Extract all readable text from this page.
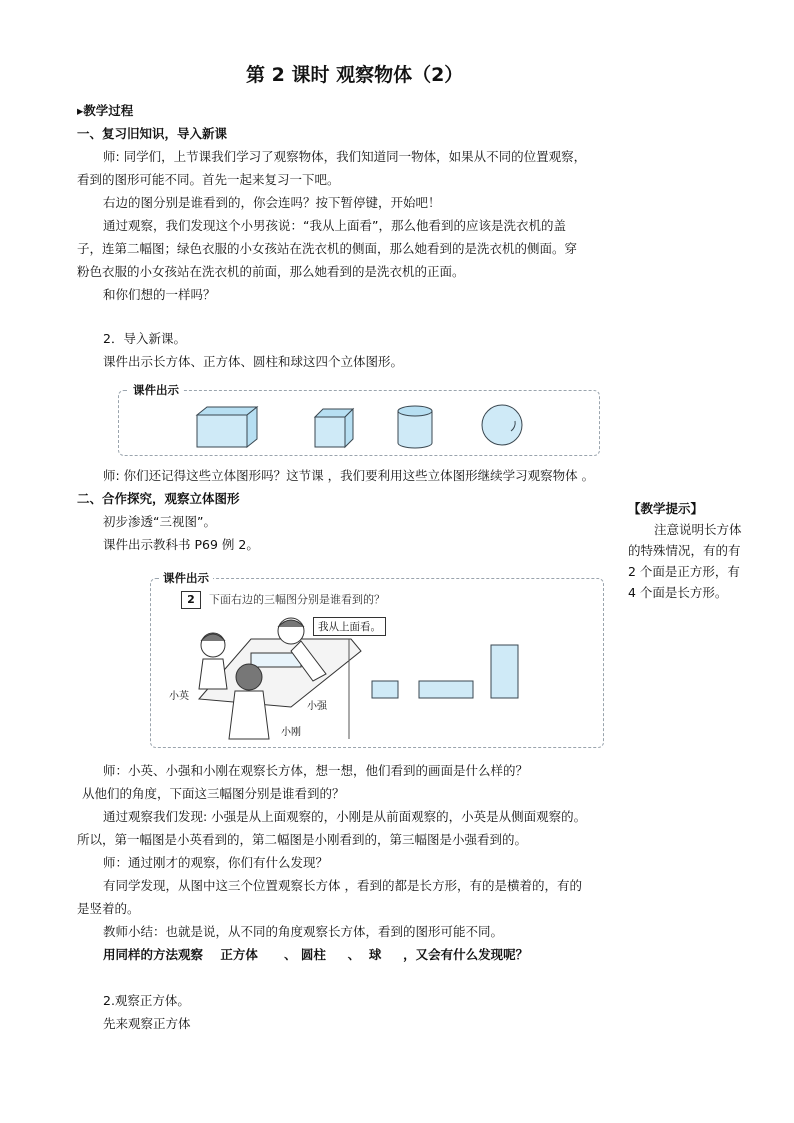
第 2 课时 观察物体（2）
▸教学过程
一、复习旧知识，导入新课
师: 同学们，上节课我们学习了观察物体，我们知道同一物体，如果从不同的位置观察，
看到的图形可能不同。首先一起来复习一下吧。
右边的图分别是谁看到的，你会连吗？按下暂停键，开始吧！
通过观察，我们发现这个小男孩说：“我从上面看”，那么他看到的应该是洗衣机的盖
子，连第二幅图；绿色衣服的小女孩站在洗衣机的侧面，那么她看到的是洗衣机的侧面。穿
粉色衣服的小女孩站在洗衣机的前面，那么她看到的是洗衣机的正面。
和你们想的一样吗？
2．导入新课。
课件出示长方体、正方体、圆柱和球这四个立体图形。
课件出示
师: 你们还记得这些立体图形吗？这节课 ，我们要利用这些立体图形继续学习观察物体 。
二、合作探究，观察立体图形
初步渗透“三视图”。
课件出示教科书 P69 例 2。

【教学提示】

注意说明长方体的特殊情况，有的有 2 个面是正方形，有 4 个面是长方形。

课件出示
2	下面右边的三幅图分别是谁看到的？
我从上面看。
小英
小强
小刚
师：小英、小强和小刚在观察长方体，想一想，他们看到的画面是什么样的？
从他们的角度，下面这三幅图分别是谁看到的？
通过观察我们发现: 小强是从上面观察的，小刚是从前面观察的，小英是从侧面观察的。
所以，第一幅图是小英看到的，第二幅图是小刚看到的，第三幅图是小强看到的。
师：通过刚才的观察，你们有什么发现？
有同学发现，从图中这三个位置观察长方体 ，看到的都是长方形，有的是横着的，有的
是竖着的。
教师小结：也就是说，从不同的角度观察长方体，看到的图形可能不同。
用同样的方法观察    正方体      、 圆柱     、  球     ，又会有什么发现呢？
2.观察正方体。
先来观察正方体
